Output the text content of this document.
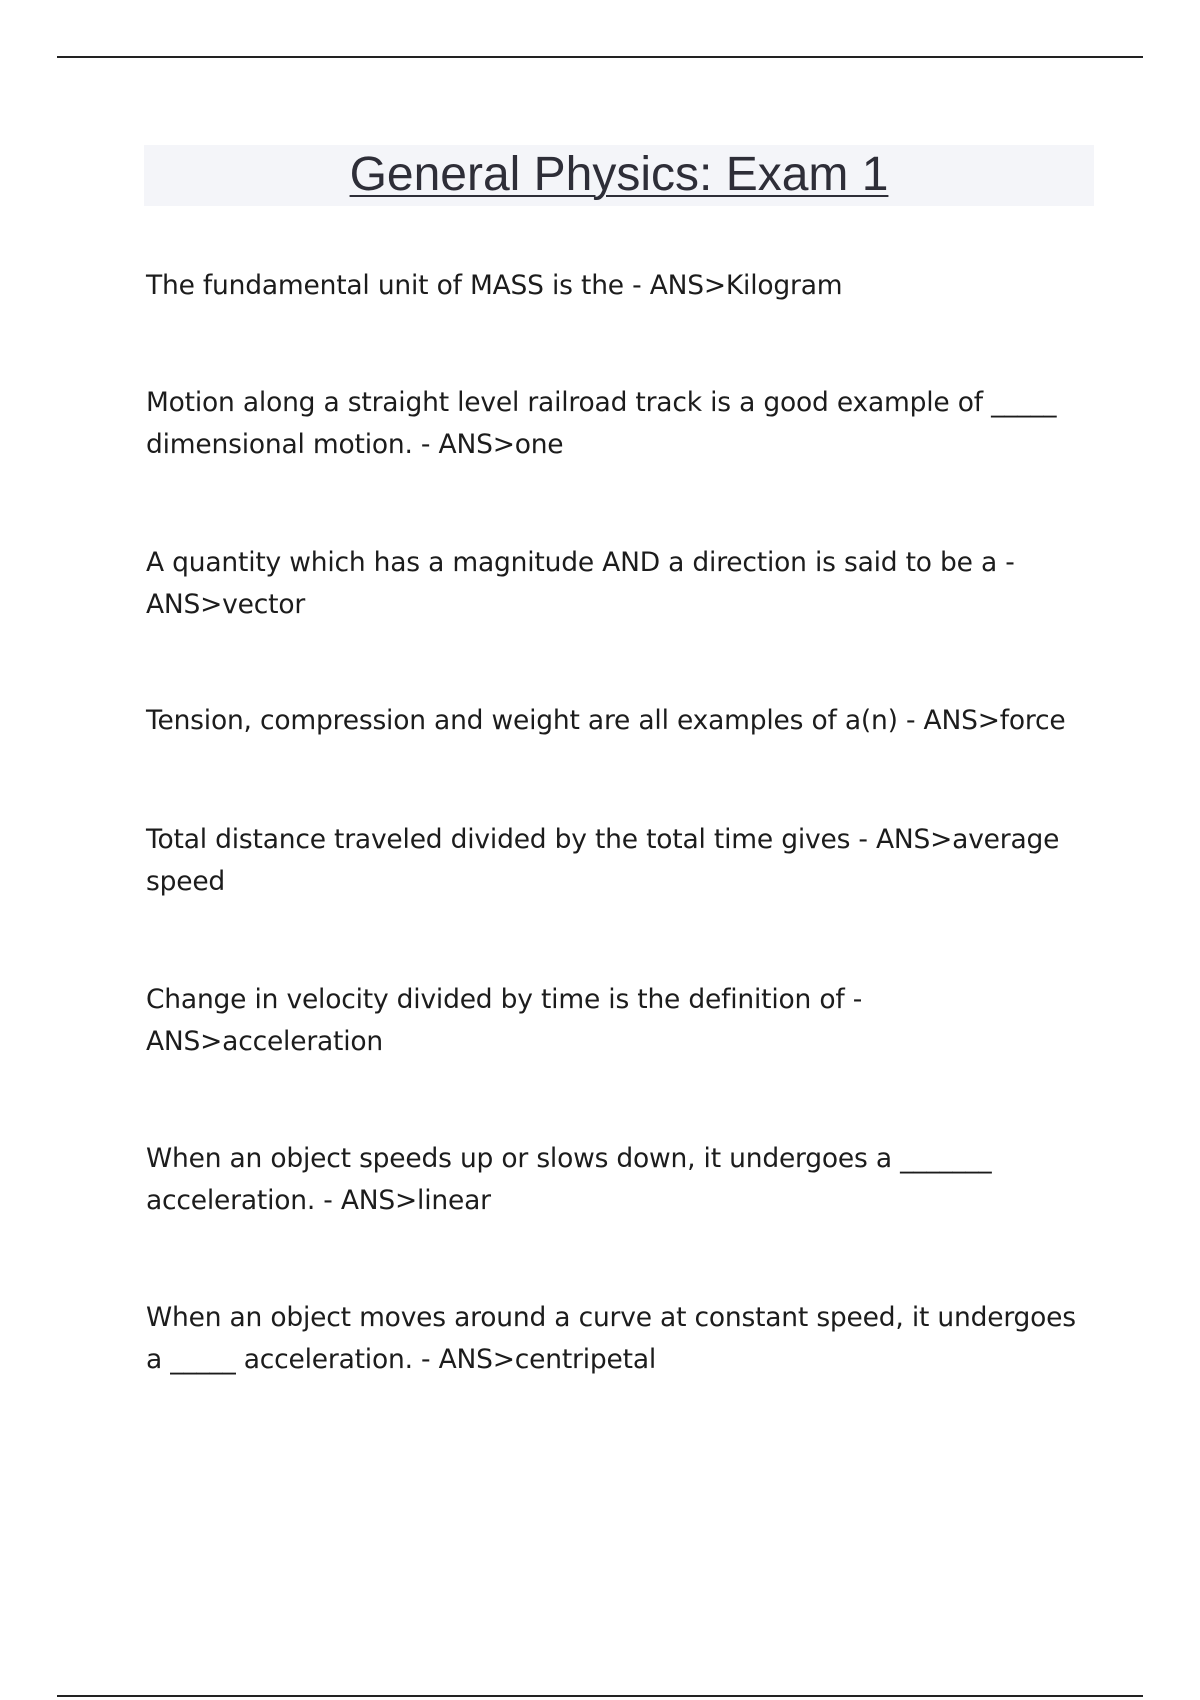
General Physics: Exam 1
The fundamental unit of MASS is the - ANS>Kilogram
Motion along a straight level railroad track is a good example of _____ dimensional motion. - ANS>one
A quantity which has a magnitude AND a direction is said to be a - ANS>vector
Tension, compression and weight are all examples of a(n) - ANS>force
Total distance traveled divided by the total time gives - ANS>average speed
Change in velocity divided by time is the definition of - ANS>acceleration
When an object speeds up or slows down, it undergoes a _______ acceleration. - ANS>linear
When an object moves around a curve at constant speed, it undergoes a _____ acceleration. - ANS>centripetal
